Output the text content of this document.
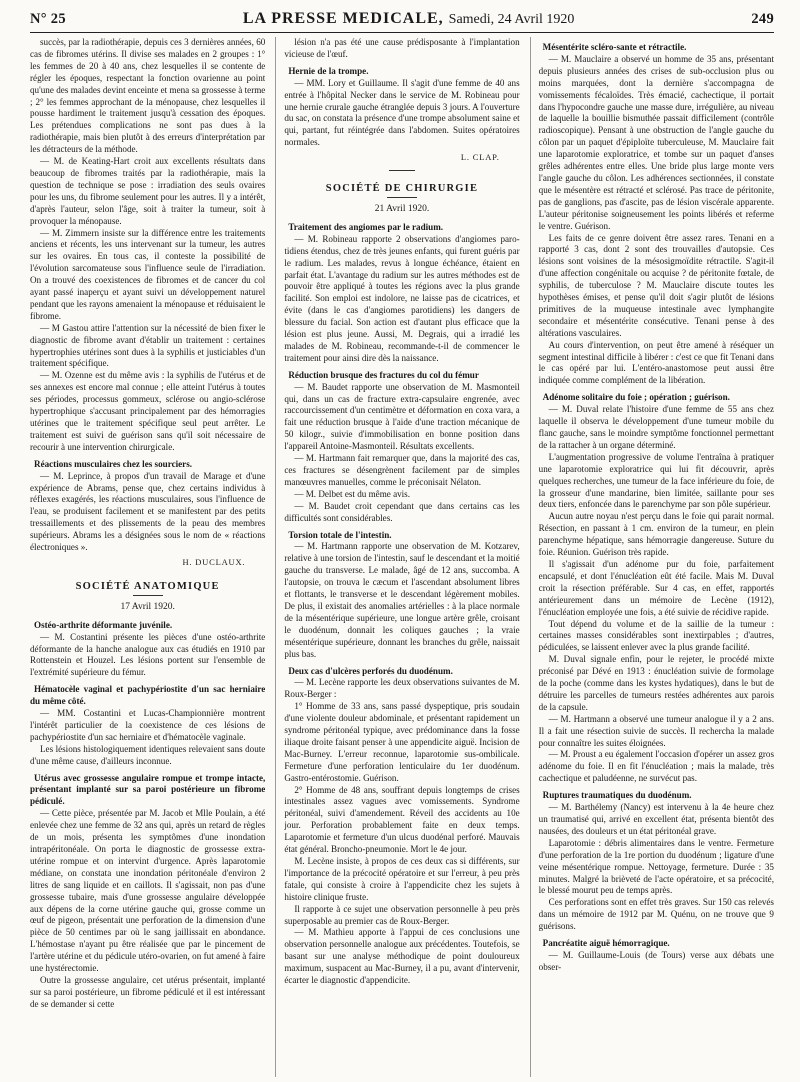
N° 25	LA PRESSE MEDICALE, Samedi, 24 Avril 1920	249

succès, par la radiothérapie, depuis ces 3 dernières années, 60 cas de fibromes utérins. Il divise ses malades en 2 groupes : 1° les femmes de 20 à 40 ans, chez lesquelles il se contente de régler les époques, respectant la fonction ovarienne au point qu'une des malades devint enceinte et mena sa grossesse à terme ; 2° les femmes approchant de la ménopause, chez lesquelles il pousse hardiment le traitement jusqu'à cessation des époques. Les prétendues complications ne sont pas dues à la radiothérapie, mais bien plutôt à des erreurs d'interprétation par les détracteurs de la méthode.

— M. de Keating-Hart croit aux excellents résultats dans beaucoup de fibromes traités par la radiothérapie, mais la question de technique se pose : irradiation des seuls ovaires pour les uns, du fibrome seulement pour les autres. Il y a intérêt, d'après l'auteur, selon l'âge, soit à traiter la tumeur, soit à provoquer la ménopause.

— M. Zimmern insiste sur la différence entre les traitements anciens et récents, les uns intervenant sur la tumeur, les autres sur les ovaires. En tous cas, il conteste la possibilité de l'évolution sarcomateuse sous l'influence seule de l'irradiation. On a trouvé des coexistences de fibromes et de cancer du col ayant passé inaperçu et ayant suivi un développement naturel pendant que les rayons amenaient la ménopause et réduisaient le fibrome.

— M Gastou attire l'attention sur la nécessité de bien fixer le diagnostic de fibrome avant d'établir un traitement : certaines hypertrophies utérines sont dues à la syphilis et justiciables d'un traitement spécifique.

— M. Ozenne est du même avis : la syphilis de l'utérus et de ses annexes est encore mal connue ; elle atteint l'utérus à toutes ses périodes, processus gommeux, sclérose ou angio-sclérose hypertrophique s'accusant principalement par des hémorragies utérines que le traitement spécifique seul peut arrêter. Le traitement est suivi de guérison sans qu'il soit nécessaire de recourir à une intervention chirurgicale.

Réactions musculaires chez les sourciers.

— M. Leprince, à propos d'un travail de Marage et d'une expérience de Abrams, pense que, chez certains individus à réflexes exagérés, les réactions musculaires, sous l'influence de l'eau, se produisent facilement et se manifestent par des petits tressaillements et des plissements de la peau des membres supérieurs. Abrams les a désignées sous le nom de « réactions électroniques ».

H. DUCLAUX.

SOCIÉTÉ ANATOMIQUE

17 Avril 1920.

Ostéo-arthrite déformante juvénile.

— M. Costantini présente les pièces d'une ostéo-arthrite déformante de la hanche analogue aux cas étudiés en 1910 par Rottenstein et Houzel. Les lésions portent sur l'ensemble de l'extrémité supérieure du fémur.

Hématocèle vaginal et pachypériostite d'un sac herniaire du même côté.

— MM. Costantini et Lucas-Championnière montrent l'intérêt particulier de la coexistence de ces lésions de pachypériostite d'un sac herniaire et d'hématocèle vaginale.

Les lésions histologiquement identiques relevaient sans doute d'une même cause, d'ailleurs inconnue.

Utérus avec grossesse angulaire rompue et trompe intacte, présentant implanté sur sa paroi postérieure un fibrome pédiculé.

— Cette pièce, présentée par M. Jacob et Mlle Poulain, a été enlevée chez une femme de 32 ans qui, après un retard de règles de un mois, présenta les symptômes d'une inondation intrapéritonéale. On porta le diagnostic de grossesse extra-utérine rompue et on intervint d'urgence. Après laparotomie médiane, on constata une inondation péritonéale d'environ 2 litres de sang liquide et en caillots. Il s'agissait, non pas d'une grossesse tubaire, mais d'une grossesse angulaire développée aux dépens de la corne utérine gauche qui, grosse comme un œuf de pigeon, présentait une perforation de la dimension d'une pièce de 50 centimes par où le sang jaillissait en abondance. L'hémostase n'ayant pu être réalisée que par le pincement de l'artère utérine et du pédicule utéro-ovarien, on fut amené à faire une hystérectomie.

Outre la grossesse angulaire, cet utérus présentait, implanté sur sa paroi postérieure, un fibrome pédiculé et il est intéressant de se demander si cette

lésion n'a pas été une cause prédisposante à l'implantation vicieuse de l'œuf.

Hernie de la trompe.

— MM. Lory et Guillaume. Il s'agit d'une femme de 40 ans entrée à l'hôpital Necker dans le service de M. Robineau pour une hernie crurale gauche étranglée depuis 3 jours. A l'ouverture du sac, on constata la présence d'une trompe absolument saine et qui, partant, fut réintégrée dans l'abdomen. Suites opératoires normales.

L. CLAP.

SOCIÉTÉ DE CHIRURGIE

21 Avril 1920.

Traitement des angiomes par le radium.

— M. Robineau rapporte 2 observations d'angiomes paro-tidiens étendus, chez de très jeunes enfants, qui furent guéris par le radium. Les malades, revus à longue échéance, étaient en parfait état. L'avantage du radium sur les autres méthodes est de pouvoir être appliqué à toutes les régions avec la plus grande facilité. Son emploi est indolore, ne laisse pas de cicatrices, et évite (dans le cas d'angiomes parotidiens) les dangers de blessure du facial. Son action est d'autant plus efficace que la lésion est plus jeune. Aussi, M. Degrais, qui a irradié les malades de M. Robineau, recommande-t-il de commencer le traitement pour ainsi dire dès la naissance.

Réduction brusque des fractures du col du fémur

— M. Baudet rapporte une observation de M. Masmonteil qui, dans un cas de fracture extra-capsulaire engrenée, avec raccourcissement d'un centimètre et déformation en coxa vara, a fait une réduction brusque à l'aide d'une traction mécanique de 50 kilogr., suivie d'immobilisation en bonne position dans l'appareil Antoine-Masmonteil. Résultats excellents.

— M. Hartmann fait remarquer que, dans la majorité des cas, ces fractures se désengrènent facilement par de simples manœuvres manuelles, comme le préconisait Nélaton.

— M. Delbet est du même avis.

— M. Baudet croit cependant que dans certains cas les difficultés sont considérables.

Torsion totale de l'intestin.

— M. Hartmann rapporte une observation de M. Kotzarev, relative à une torsion de l'intestin, sauf le descendant et la moitié gauche du transverse. Le malade, âgé de 12 ans, succomba. A l'autopsie, on trouva le cæcum et l'ascendant absolument libres et flottants, le transverse et le descendant légèrement mobiles. De plus, il existait des anomalies artérielles : à la place normale de la mésentérique supérieure, une longue artère grêle, croisant le duodénum, donnait les coliques gauches ; la vraie mésentérique supérieure, donnant les branches du grêle, naissait plus bas.

Deux cas d'ulcères perforés du duodénum.

— M. Lecène rapporte les deux observations suivantes de M. Roux-Berger :

1° Homme de 33 ans, sans passé dyspeptique, pris soudain d'une violente douleur abdominale, et présentant rapidement un syndrome péritonéal typique, avec prédominance dans la fosse iliaque droite faisant penser à une appendicite aiguë. Incision de Mac-Burney. L'erreur reconnue, laparotomie sus-ombilicale. Fermeture d'une perforation lenticulaire du 1er duodénum. Gastro-entérostomie. Guérison.

2° Homme de 48 ans, souffrant depuis longtemps de crises intestinales assez vagues avec vomissements. Syndrome péritonéal, suivi d'amendement. Réveil des accidents au 10e jour. Perforation probablement faite en deux temps. Laparotomie et fermeture d'un ulcus duodénal perforé. Mauvais état général. Broncho-pneumonie. Mort le 4e jour.

M. Lecène insiste, à propos de ces deux cas si différents, sur l'importance de la précocité opératoire et sur l'erreur, à peu près fatale, qui consiste à croire à l'appendicite chez les sujets à histoire clinique fruste.

Il rapporte à ce sujet une observation personnelle à peu près superposable au premier cas de Roux-Berger.

— M. Mathieu apporte à l'appui de ces conclusions une observation personnelle analogue aux précédentes. Toutefois, se basant sur une analyse méthodique de point douloureux maximum, suspacent au Mac-Burney, il a pu, avant d'intervenir, écarter le diagnostic d'appendicite.

Mésentérite scléro-sante et rétractile.

— M. Mauclaire a observé un homme de 35 ans, présentant depuis plusieurs années des crises de sub-occlusion plus ou moins marquées, dont la dernière s'accompagna de vomissements fécaloïdes. Très émacié, cachectique, il portait dans l'hypocondre gauche une masse dure, irrégulière, au niveau de laquelle la bouillie bismuthée passait difficilement (contrôle radioscopique). Pensant à une obstruction de l'angle gauche du côlon par un paquet d'épiploïte tuberculeuse, M. Mauclaire fait une laparotomie exploratrice, et tombe sur un paquet d'anses grêles adhérentes entre elles. Une bride plus large monte vers l'angle gauche du côlon. Les adhérences sectionnées, il constate que le mésentère est rétracté et sclérosé. Pas trace de péritonite, pas de ganglions, pas d'ascite, pas de lésion viscérale apparente. L'auteur péritonise soigneusement les points libérés et referme le ventre. Guérison.

Les faits de ce genre doivent être assez rares. Tenani en a rapporté 3 cas, dont 2 sont des trouvailles d'autopsie. Ces lésions sont voisines de la mésosigmoïdite rétractile. S'agit-il d'une affection congénitale ou acquise ? de péritonite fœtale, de syphilis, de tuberculose ? M. Mauclaire discute toutes les hypothèses émises, et pense qu'il doit s'agir plutôt de lésions primitives de la muqueuse intestinale avec lymphangite secondaire et mésentérite consécutive. Tenani pense à des altérations vasculaires.

Au cours d'intervention, on peut être amené à réséquer un segment intestinal difficile à libérer : c'est ce que fit Tenani dans le cas opéré par lui. L'entéro-anastomose peut aussi être indiquée comme complément de la libération.

Adénome solitaire du foie ; opération ; guérison.

— M. Duval relate l'histoire d'une femme de 55 ans chez laquelle il observa le développement d'une tumeur mobile du flanc gauche, sans le moindre symptôme fonctionnel permettant de la rattacher à un organe déterminé.

L'augmentation progressive de volume l'entraîna à pratiquer une laparotomie exploratrice qui lui fit découvrir, après quelques recherches, une tumeur de la face inférieure du foie, de la grosseur d'une mandarine, bien limitée, saillante pour ses deux tiers, enfoncée dans le parenchyme par son pôle supérieur.

Aucun autre noyau n'est perçu dans le foie qui parait normal. Résection, en passant à 1 cm. environ de la tumeur, en plein parenchyme hépatique, sans hémorragie dangereuse. Suture du foie. Réunion. Guérison très rapide.

Il s'agissait d'un adénome pur du foie, parfaitement encapsulé, et dont l'énucléation eût été facile. Mais M. Duval croit la résection préférable. Sur 4 cas, en effet, rapportés antérieurement dans un mémoire de Lecène (1912), l'énucléation employée une fois, a été suivie de récidive rapide.

Tout dépend du volume et de la saillie de la tumeur : certaines masses considérables sont inextirpables ; d'autres, pédiculées, se laissent enlever avec la plus grande facilité.

M. Duval signale enfin, pour le rejeter, le procédé mixte préconisé par Dévé en 1913 : énucléation suivie de formolage de la poche (comme dans les kystes hydatiques), dans le but de détruire les parcelles de tumeurs restées adhérentes aux parois de la capsule.

— M. Hartmann a observé une tumeur analogue il y a 2 ans. Il a fait une résection suivie de succès. Il rechercha la malade pour connaître les suites éloignées.

— M. Proust a eu également l'occasion d'opérer un assez gros adénome du foie. Il en fit l'énucléation ; mais la malade, très cachectique et paludéenne, ne survécut pas.

Ruptures traumatiques du duodénum.

— M. Barthélemy (Nancy) est intervenu à la 4e heure chez un traumatisé qui, arrivé en excellent état, présenta bientôt des nausées, des douleurs et un état péritonéal grave.

Laparotomie : débris alimentaires dans le ventre. Fermeture d'une perforation de la 1re portion du duodénum ; ligature d'une veine mésentérique rompue. Nettoyage, fermeture. Durée : 35 minutes. Malgré la brièveté de l'acte opératoire, et sa précocité, le blessé mourut peu de temps après.

Ces perforations sont en effet très graves. Sur 150 cas relevés dans un mémoire de 1912 par M. Quénu, on ne trouve que 9 guérisons.

Pancréatite aiguë hémorragique.

— M. Guillaume-Louis (de Tours) verse aux débats une obser-
